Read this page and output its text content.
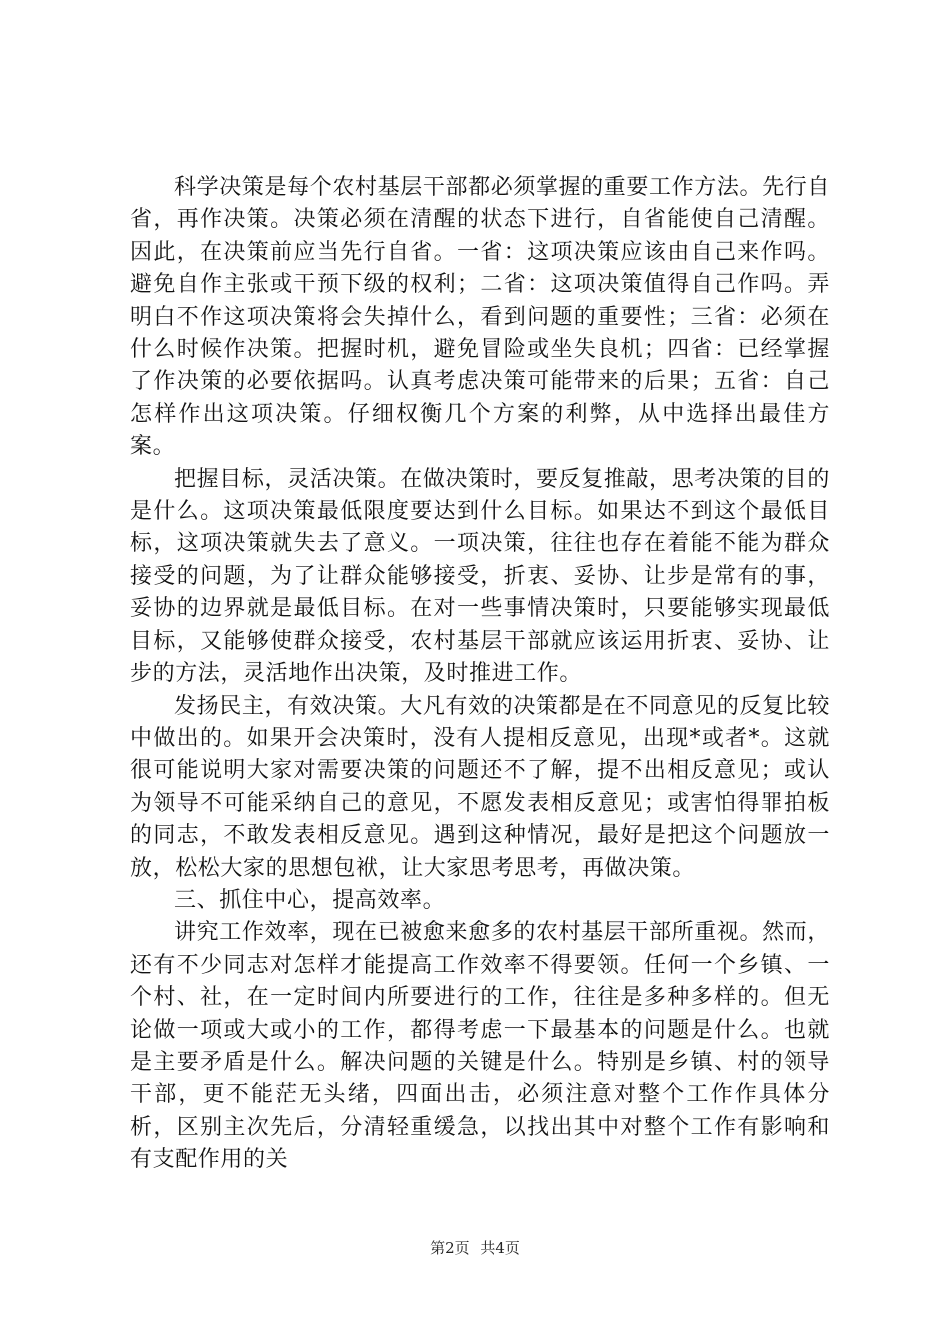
科学决策是每个农村基层干部都必须掌握的重要工作方法。先行自省，再作决策。决策必须在清醒的状态下进行，自省能使自己清醒。因此，在决策前应当先行自省。一省：这项决策应该由自己来作吗。避免自作主张或干预下级的权利；二省：这项决策值得自己作吗。弄明白不作这项决策将会失掉什么，看到问题的重要性；三省：必须在什么时候作决策。把握时机，避免冒险或坐失良机；四省：已经掌握了作决策的必要依据吗。认真考虑决策可能带来的后果；五省：自己怎样作出这项决策。仔细权衡几个方案的利弊，从中选择出最佳方案。

把握目标，灵活决策。在做决策时，要反复推敲，思考决策的目的是什么。这项决策最低限度要达到什么目标。如果达不到这个最低目标，这项决策就失去了意义。一项决策，往往也存在着能不能为群众接受的问题，为了让群众能够接受，折衷、妥协、让步是常有的事，妥协的边界就是最低目标。在对一些事情决策时，只要能够实现最低目标，又能够使群众接受，农村基层干部就应该运用折衷、妥协、让步的方法，灵活地作出决策，及时推进工作。

发扬民主，有效决策。大凡有效的决策都是在不同意见的反复比较中做出的。如果开会决策时，没有人提相反意见，出现*或者*。这就很可能说明大家对需要决策的问题还不了解，提不出相反意见；或认为领导不可能采纳自己的意见，不愿发表相反意见；或害怕得罪拍板的同志，不敢发表相反意见。遇到这种情况，最好是把这个问题放一放，松松大家的思想包袱，让大家思考思考，再做决策。

三、抓住中心，提高效率。

讲究工作效率，现在已被愈来愈多的农村基层干部所重视。然而，还有不少同志对怎样才能提高工作效率不得要领。任何一个乡镇、一个村、社，在一定时间内所要进行的工作，往往是多种多样的。但无论做一项或大或小的工作，都得考虑一下最基本的问题是什么。也就是主要矛盾是什么。解决问题的关键是什么。特别是乡镇、村的领导干部，更不能茫无头绪，四面出击，必须注意对整个工作作具体分析，区别主次先后，分清轻重缓急，以找出其中对整个工作有影响和有支配作用的关

第2页 共4页
